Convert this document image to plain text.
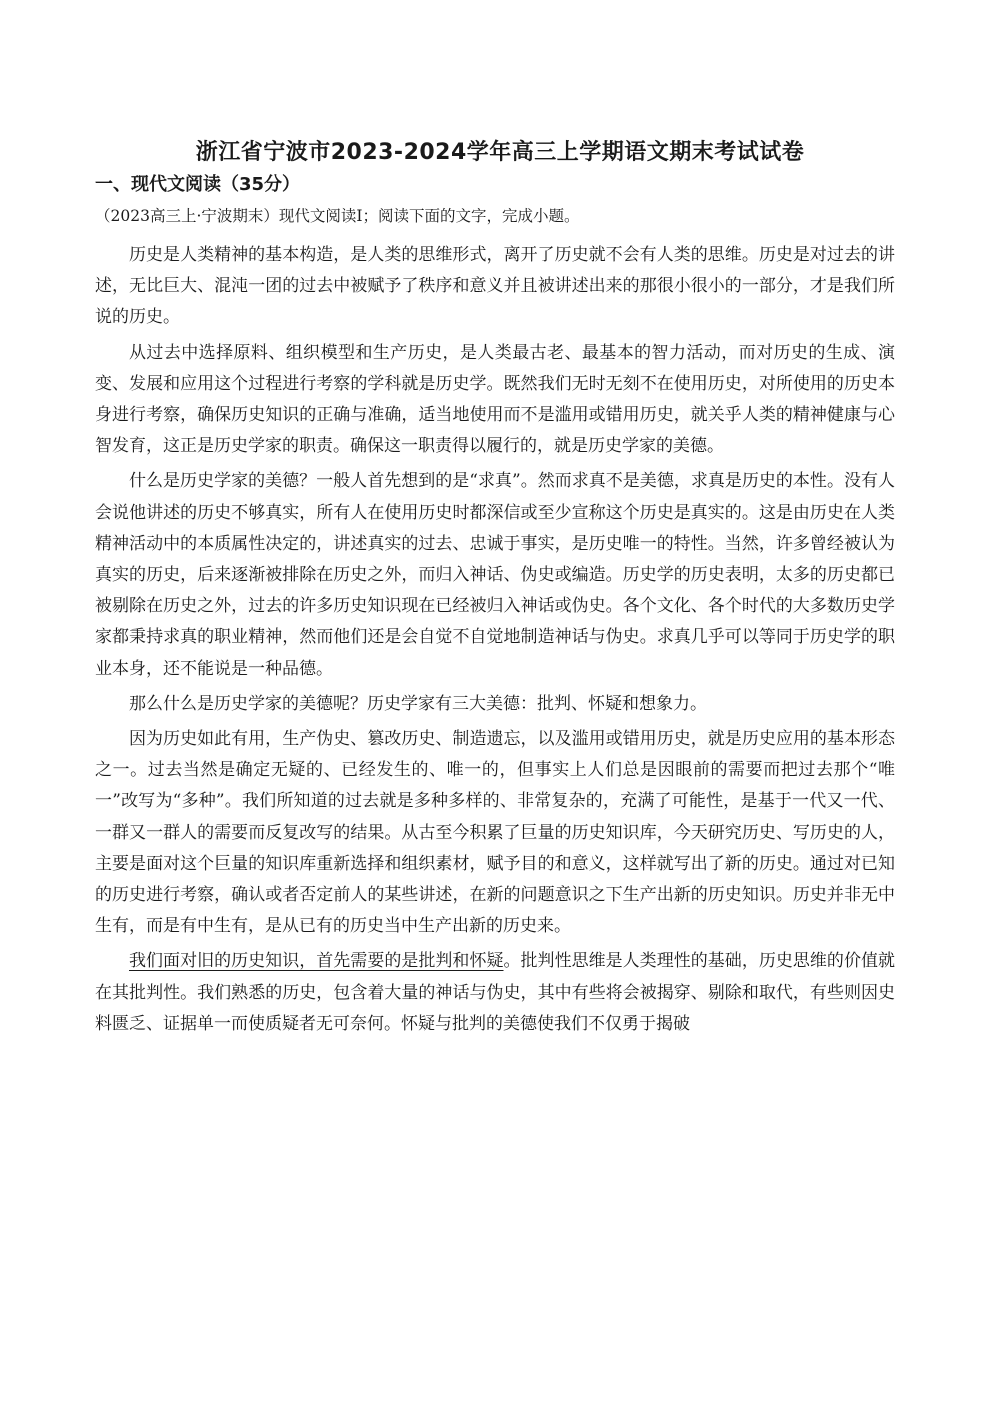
浙江省宁波市2023-2024学年高三上学期语文期末考试试卷
一、现代文阅读（35分）
（2023高三上·宁波期末）现代文阅读I；阅读下面的文字，完成小题。

历史是人类精神的基本构造，是人类的思维形式，离开了历史就不会有人类的思维。历史是对过去的讲述，无比巨大、混沌一团的过去中被赋予了秩序和意义并且被讲述出来的那很小很小的一部分，才是我们所说的历史。

从过去中选择原料、组织模型和生产历史，是人类最古老、最基本的智力活动，而对历史的生成、演变、发展和应用这个过程进行考察的学科就是历史学。既然我们无时无刻不在使用历史，对所使用的历史本身进行考察，确保历史知识的正确与准确，适当地使用而不是滥用或错用历史，就关乎人类的精神健康与心智发育，这正是历史学家的职责。确保这一职责得以履行的，就是历史学家的美德。

什么是历史学家的美德？一般人首先想到的是“求真”。然而求真不是美德，求真是历史的本性。没有人会说他讲述的历史不够真实，所有人在使用历史时都深信或至少宣称这个历史是真实的。这是由历史在人类精神活动中的本质属性决定的，讲述真实的过去、忠诚于事实，是历史唯一的特性。当然，许多曾经被认为真实的历史，后来逐渐被排除在历史之外，而归入神话、伪史或编造。历史学的历史表明，太多的历史都已被剔除在历史之外，过去的许多历史知识现在已经被归入神话或伪史。各个文化、各个时代的大多数历史学家都秉持求真的职业精神，然而他们还是会自觉不自觉地制造神话与伪史。求真几乎可以等同于历史学的职业本身，还不能说是一种品德。

那么什么是历史学家的美德呢？历史学家有三大美德：批判、怀疑和想象力。

因为历史如此有用，生产伪史、篡改历史、制造遗忘，以及滥用或错用历史，就是历史应用的基本形态之一。过去当然是确定无疑的、已经发生的、唯一的，但事实上人们总是因眼前的需要而把过去那个“唯一”改写为“多种”。我们所知道的过去就是多种多样的、非常复杂的，充满了可能性，是基于一代又一代、一群又一群人的需要而反复改写的结果。从古至今积累了巨量的历史知识库，今天研究历史、写历史的人，主要是面对这个巨量的知识库重新选择和组织素材，赋予目的和意义，这样就写出了新的历史。通过对已知的历史进行考察，确认或者否定前人的某些讲述，在新的问题意识之下生产出新的历史知识。历史并非无中生有，而是有中生有，是从已有的历史当中生产出新的历史来。

我们面对旧的历史知识，首先需要的是批判和怀疑。批判性思维是人类理性的基础，历史思维的价值就在其批判性。我们熟悉的历史，包含着大量的神话与伪史，其中有些将会被揭穿、剔除和取代，有些则因史料匮乏、证据单一而使质疑者无可奈何。怀疑与批判的美德使我们不仅勇于揭破
